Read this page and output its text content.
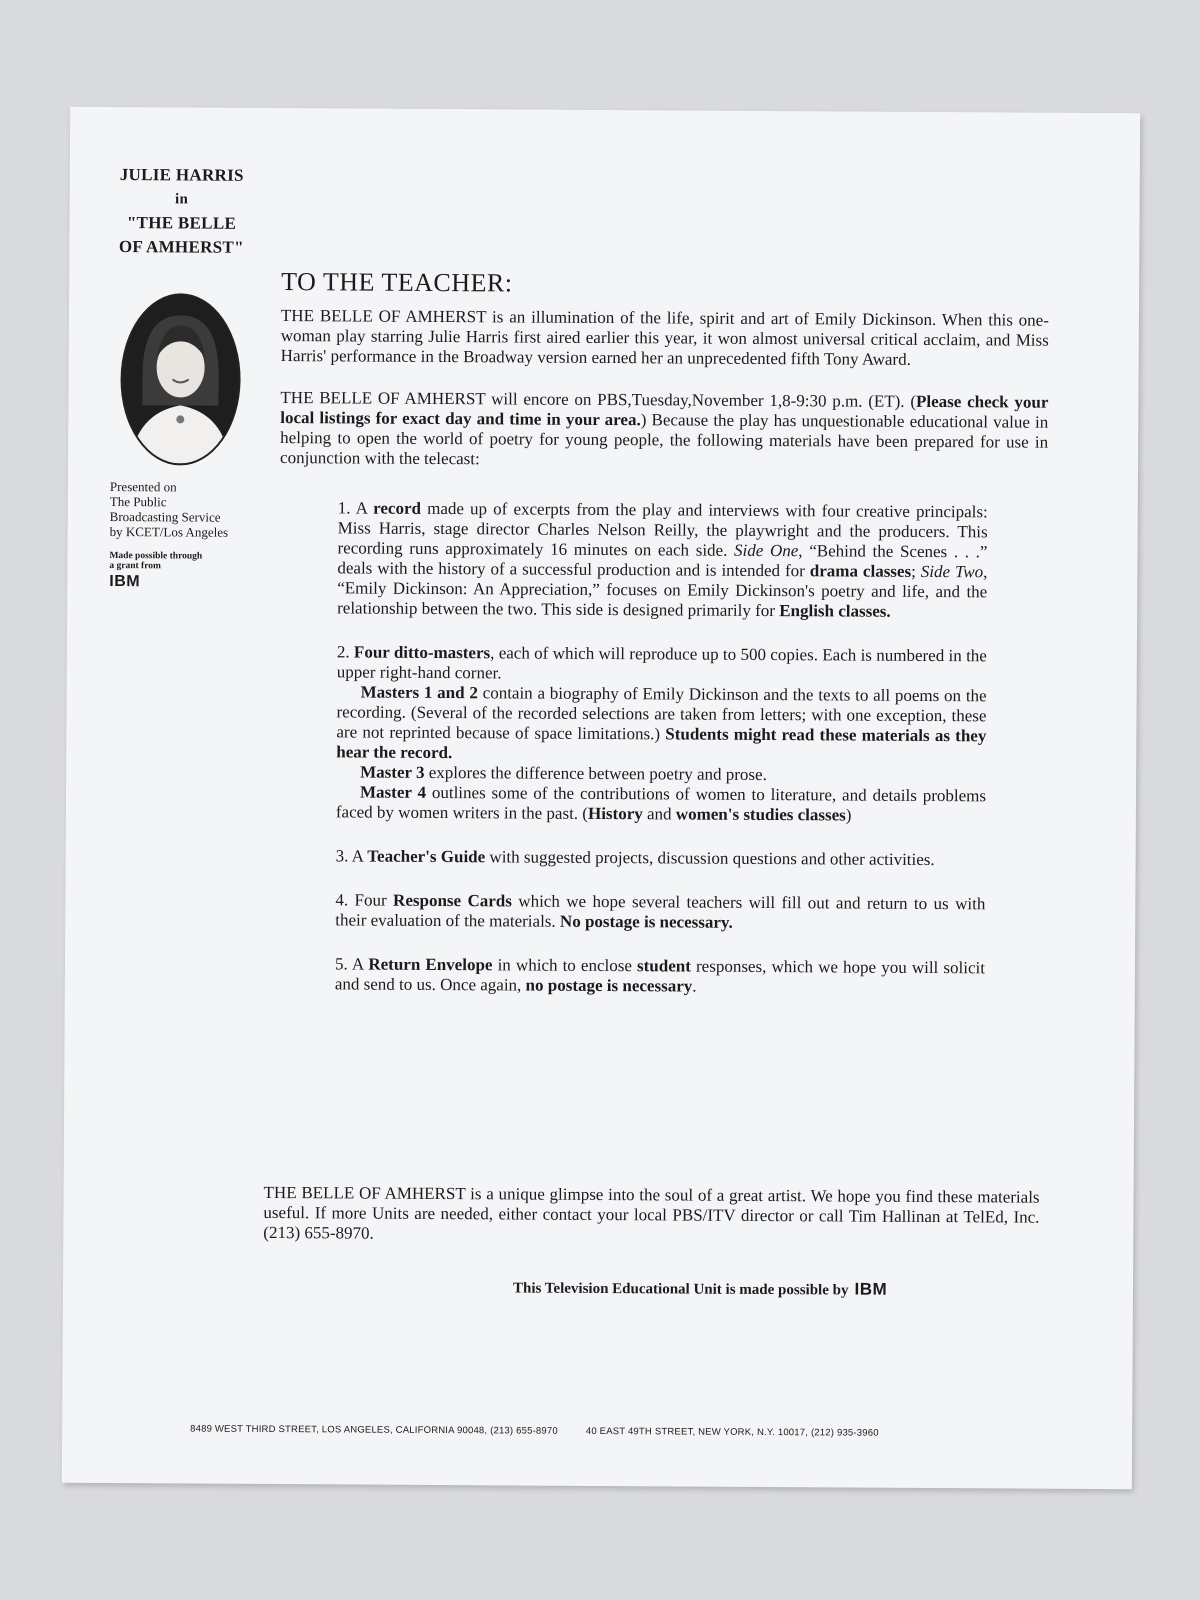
JULIE HARRIS
in
"THE BELLE
OF AMHERST"
Presented on
The Public
Broadcasting Service
by KCET/Los Angeles
Made possible through
a grant from
IBM
TO THE TEACHER:

THE BELLE OF AMHERST is an illumination of the life, spirit and art of Emily Dickinson. When this one-woman play starring Julie Harris first aired earlier this year, it won almost universal critical acclaim, and Miss Harris' performance in the Broadway version earned her an unprecedented fifth Tony Award.

THE BELLE OF AMHERST will encore on PBS,Tuesday,November 1,8-9:30 p.m. (ET). (Please check your local listings for exact day and time in your area.) Because the play has unquestionable educational value in helping to open the world of poetry for young people, the following materials have been prepared for use in conjunction with the telecast:

1. A record made up of excerpts from the play and interviews with four creative principals: Miss Harris, stage director Charles Nelson Reilly, the playwright and the producers. This recording runs approximately 16 minutes on each side. Side One, “Behind the Scenes . . .” deals with the history of a successful production and is intended for drama classes; Side Two, “Emily Dickinson: An Appreciation,” focuses on Emily Dickinson's poetry and life, and the relationship between the two. This side is designed primarily for English classes.

2. Four ditto-masters, each of which will reproduce up to 500 copies. Each is numbered in the upper right-hand corner.

Masters 1 and 2 contain a biography of Emily Dickinson and the texts to all poems on the recording. (Several of the recorded selections are taken from letters; with one exception, these are not reprinted because of space limitations.) Students might read these materials as they hear the record.

Master 3 explores the difference between poetry and prose.

Master 4 outlines some of the contributions of women to literature, and details problems faced by women writers in the past. (History and women's studies classes)

3. A Teacher's Guide with suggested projects, discussion questions and other activities.

4. Four Response Cards which we hope several teachers will fill out and return to us with their evaluation of the materials. No postage is necessary.

5. A Return Envelope in which to enclose student responses, which we hope you will solicit and send to us. Once again, no postage is necessary.

THE BELLE OF AMHERST is a unique glimpse into the soul of a great artist. We hope you find these materials useful. If more Units are needed, either contact your local PBS/ITV director or call Tim Hallinan at TelEd, Inc. (213) 655-8970.

This Television Educational Unit is made possible by IBM
8489 WEST THIRD STREET, LOS ANGELES, CALIFORNIA 90048, (213) 655-8970	40 EAST 49TH STREET, NEW YORK, N.Y. 10017, (212) 935-3960
